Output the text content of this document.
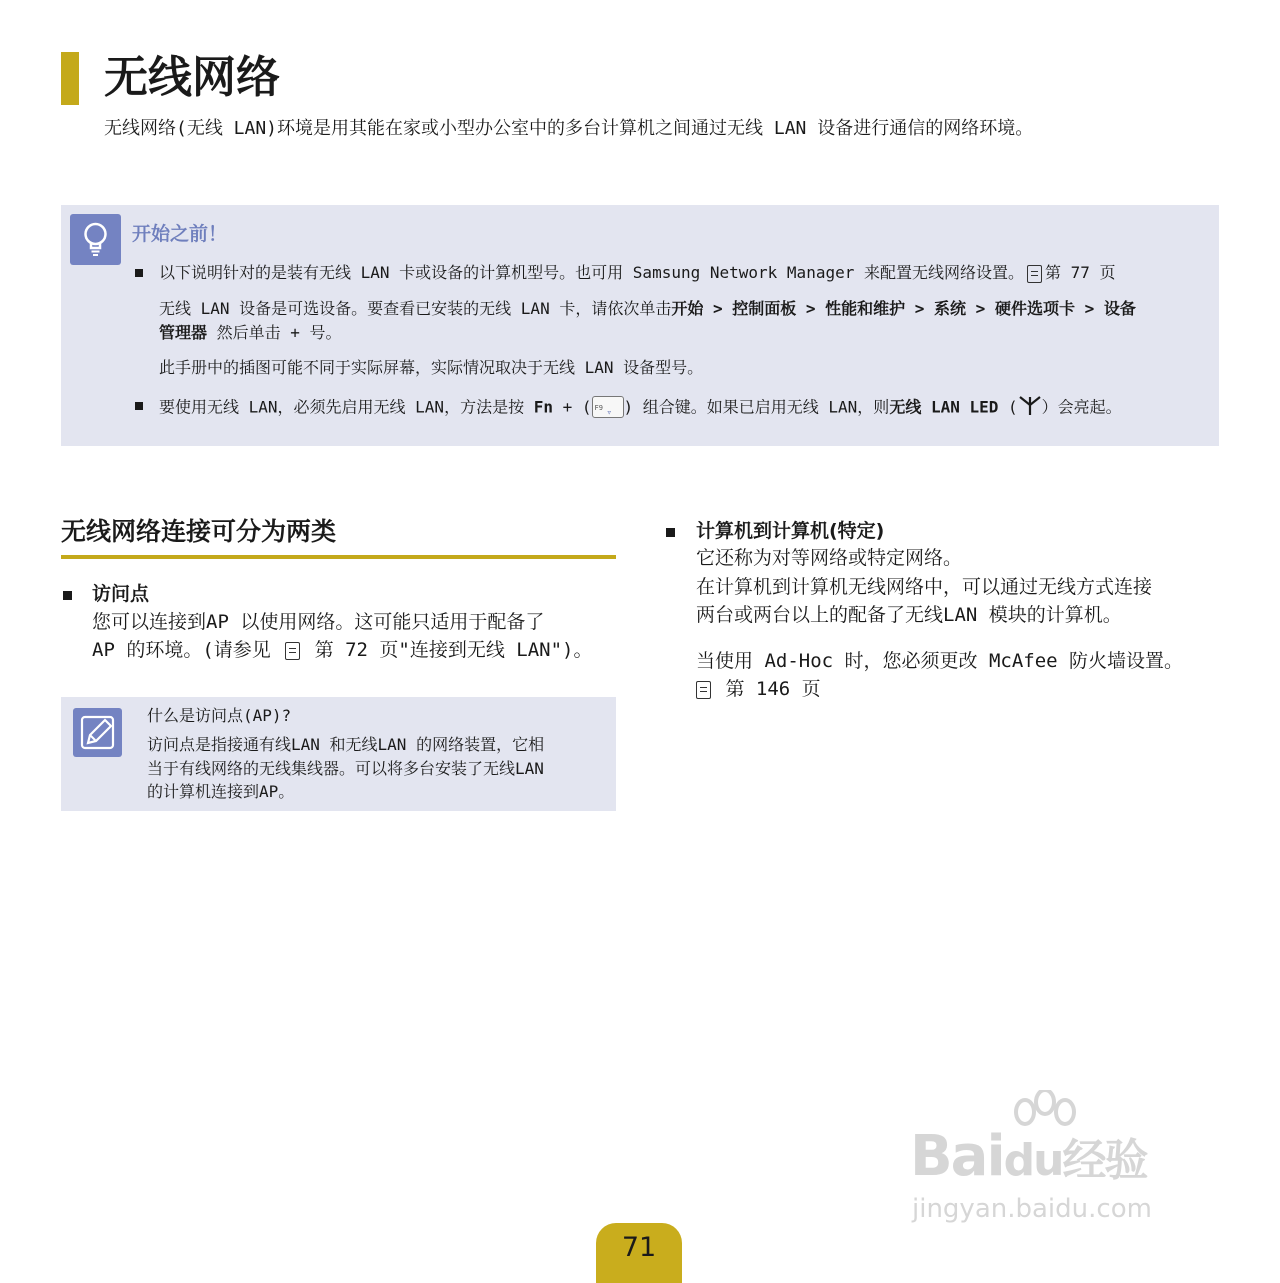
无线网络
无线网络(无线 LAN)环境是用其能在家或小型办公室中的多台计算机之间通过无线 LAN 设备进行通信的网络环境。
开始之前！
以下说明针对的是装有无线 LAN 卡或设备的计算机型号。也可用 Samsung Network Manager 来配置无线网络设置。 第 77 页
无线 LAN 设备是可选设备。要查看已安装的无线 LAN 卡，请依次单击开始 > 控制面板 > 性能和维护 > 系统 > 硬件选项卡 > 设备
管理器 然后单击 + 号。
此手册中的插图可能不同于实际屏幕，实际情况取决于无线 LAN 设备型号。
要使用无线 LAN，必须先启用无线 LAN，方法是按 Fn + ( F9 ▿ ) 组合键。如果已启用无线 LAN，则无线 LAN LED ( ）会亮起。
无线网络连接可分为两类
访问点
您可以连接到AP 以使用网络。这可能只适用于配备了
AP 的环境。(请参见 第 72 页"连接到无线 LAN")。
什么是访问点(AP)?
访问点是指接通有线LAN 和无线LAN 的网络装置，它相
当于有线网络的无线集线器。可以将多台安装了无线LAN
的计算机连接到AP。
计算机到计算机(特定)
它还称为对等网络或特定网络。
在计算机到计算机无线网络中，可以通过无线方式连接
两台或两台以上的配备了无线LAN 模块的计算机。
当使用 Ad-Hoc 时，您必须更改 McAfee 防火墙设置。
第 146 页
Baidu经验
jingyan.baidu.com
71
